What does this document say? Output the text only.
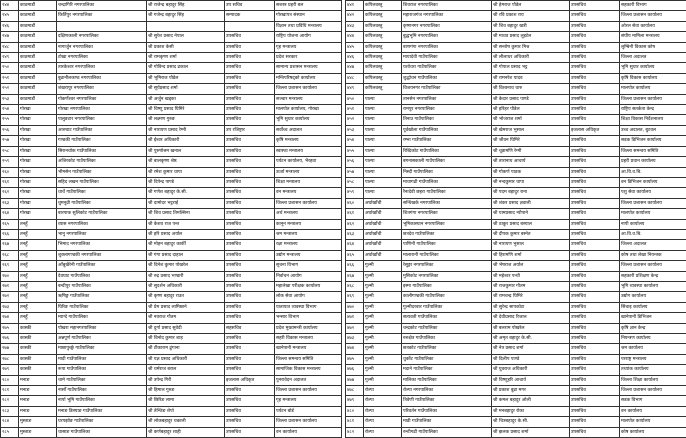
२४४	काठमाडौं	चन्द्रागिरि नगरपालिका	श्री राजेन्द्र बहादुर सिंह	उप सचिव	सशस्त्र प्रहरी बल
२४५	काठमाडौं	किर्तिपुर नगरपालिका	श्री गजेन्द्र बहादुर सिंह	सम्पादक	गोरखापत्र संस्थान
२४६	काठमाडौं				विज्ञान तथा प्रविधि मन्त्रालय
२४७	काठमाडौं	दक्षिणकाली नगरपालिका	श्री सुरेश प्रसाद नेपाल	उपसचिव	राष्ट्रिय योजना आयोग
२४८	काठमाडौं	नागार्जुन नगरपालिका	श्री प्रकाश केसी	उपसचिव	गृह मन्त्रालय
२४९	काठमाडौं	टोखा नगरपालिका	श्री रामकृष्ण शर्मा	उपसचिव	प्रदेश सरकार
२५०	काठमाडौं	तारकेश्वर नगरपालिका	श्री गोविन्द प्रसाद ढकाल	उपसचिव	सामान्य प्रशासन मन्त्रालय
२५१	काठमाडौं	बुढानीलकण्ठ नगरपालिका	श्री भूमिराज पौडेल	उपसचिव	मन्त्रिपरिषद्को कार्यालय
२५२	काठमाडौं	शंखरापुर नगरपालिका	श्री सूर्यप्रसाद शर्मा	उपसचिव	जिल्ला प्रशासन कार्यालय
२५३	काठमाडौं	गोकर्णेश्वर नगरपालिका	श्री अर्जुन खड्का	उपसचिव	सञ्चार मन्त्रालय
२५४	गोरखा	गोरखा नगरपालिका	श्री विष्णु प्रसाद घिमिरे	उपसचिव	मालपोत कार्यालय, गोरखा
२५५	गोरखा	पालुङटार नगरपालिका	श्री लक्ष्मण गुरुङ	उपसचिव	भूमि सुधार कार्यालय
२५६	गोरखा	आरुघाट गाउँपालिका	श्री नारायण प्रसाद रेग्मी	उप रजिष्ट्रार	सर्वोच्च अदालत
२५७	गोरखा	गण्डकी गाउँपालिका	श्री ईश्वर अधिकारी	उपसचिव	कृषि मन्त्रालय
२५८	गोरखा	सिरानचोक गाउँपालिका	श्री पुरुषोत्तम खनाल	उपसचिव	स्वास्थ्य मन्त्रालय
२५९	गोरखा	अजिरकोट गाउँपालिका	श्री बालकृष्ण श्रेष्ठ	उपसचिव	पर्यटन कार्यालय, भैरहवा
२६०	गोरखा	भीमसेन गाउँपालिका	श्री रमेश कुमार थापा	उपसचिव	ऊर्जा मन्त्रालय
२६१	गोरखा	सहिद लखन गाउँपालिका	श्री दिपेन्द्र पाण्डे	उपसचिव	शिक्षा मन्त्रालय
२६२	गोरखा	धार्चे गाउँपालिका	श्री गणेश बहादुर के.सी.	उपसचिव	वन मन्त्रालय
२६३	गोरखा	चुमनुव्री गाउँपालिका	श्री दामोदर भट्टराई	उपसचिव	जिल्ला प्रशासन कार्यालय
२६४	गोरखा	बारपाक सुलिकोट गाउँपालिका	श्री शिव प्रसाद तिमल्सिना	उपसचिव	अर्थ मन्त्रालय
२६५	तनहुँ	व्यास नगरपालिका	श्री केशव राज पन्त	उपसचिव	कानून मन्त्रालय
२६६	तनहुँ	भानु नगरपालिका	श्री हरि प्रसाद अर्याल	उपसचिव	श्रम मन्त्रालय
२६७	तनहुँ	भिमाद नगरपालिका	श्री मोहन बहादुर कार्की	उपसचिव	रक्षा मन्त्रालय
२६८	तनहुँ	शुक्लागण्डकी नगरपालिका	श्री गंगा प्रसाद दाहाल	उपसचिव	उद्योग मन्त्रालय
२६९	तनहुँ	आँबुखैरेनी गाउँपालिका	श्री दिनेश कुमार पोखरेल	उपसचिव	सूचना विभाग
२७०	तनहुँ	देवघाट गाउँपालिका	श्री रुद्र प्रसाद भण्डारी	उपसचिव	निर्वाचन आयोग
२७१	तनहुँ	बन्दीपुर गाउँपालिका	श्री सुदर्शन अधिकारी	उपसचिव	महालेखा परीक्षक कार्यालय
२७२	तनहुँ	ऋषिङ्ग गाउँपालिका	श्री कृष्ण बहादुर राउत	उपसचिव	लोक सेवा आयोग
२७३	तनहुँ	घिरिङ गाउँपालिका	श्री प्रेम प्रसाद लामिछाने	उपसचिव	यातायात व्यवस्था विभाग
२७४	तनहुँ	म्याग्दे गाउँपालिका	श्री नवराज गौतम	उपसचिव	भन्सार विभाग
२७५	कास्की	पोखरा महानगरपालिका	श्री दुर्गा प्रसाद सुवेदी	सहसचिव	प्रदेश मुख्यमन्त्री कार्यालय
२७६	कास्की	अन्नपूर्ण गाउँपालिका	श्री विनोद कुमार शाह	उपसचिव	सहरी विकास मन्त्रालय
२७७	कास्की	माछापुच्छ्रे गाउँपालिका	श्री टीकाराम ढुंगाना	उपसचिव	खानेपानी मन्त्रालय
२७८	कास्की	मादी गाउँपालिका	श्री यज्ञ प्रसाद अधिकारी	उपसचिव	जिल्ला समन्वय समिति
२७९	कास्की	रूपा गाउँपालिका	श्री धर्मराज बराल	उपसचिव	सामाजिक विकास मन्त्रालय
२८०	मनाङ	चामे गाउँपालिका	श्री उपेन्द्र गिरी	इजलास अधिकृत	पुनरावेदन अदालत
२८१	मनाङ	नासोँ गाउँपालिका	श्री हिमाल गुरुङ	उपसचिव	जिल्ला प्रशासन कार्यालय
२८२	मनाङ	नार्पा भूमि गाउँपालिका	श्री छिरिङ लामा	उपसचिव	गृह मन्त्रालय
२८३	मनाङ	मनाङ ङिस्याङ गाउँपालिका	श्री तेन्जिङ शेर्पा	उपसचिव	पर्यटन बोर्ड
२८४	मुस्ताङ	घरपझोङ गाउँपालिका	श्री लोकबहादुर थकाली	उपसचिव	जिल्ला प्रशासन कार्यालय
२८५	मुस्ताङ	थासाङ गाउँपालिका	श्री कर्णबहादुर शाही	उपसचिव	वन कार्यालय
४४१	कपिलवस्तु	शिवराज नगरपालिका	श्री हेमराज पौडेल	उपसचिव	सहकारी विभाग
४४२	कपिलवस्तु	महाराजगंज नगरपालिका	श्री रवि प्रकाश राय	उपसचिव	जिल्ला प्रशासन कार्यालय
४४३	कपिलवस्तु	कृष्णनगर नगरपालिका	श्री शिव बहादुर खत्री	उपसचिव	ओरल सेवा कार्यालय
४४४	कपिलवस्तु	बुद्धभूमि नगरपालिका	श्री माधव प्रसाद लुइटेल	उपसचिव	संघीय मामिला मन्त्रालय
४४५	कपिलवस्तु	बाणगंगा नगरपालिका	श्री सन्तोष कुमार मिश्र	उपसचिव	लुम्बिनी विकास कोष
४४६	कपिलवस्तु	मायादेवी गाउँपालिका	श्री लीलाधर अधिकारी	उपसचिव	जिल्ला अदालत
४४७	कपिलवस्तु	यशोधरा गाउँपालिका	श्री गोपाल प्रसाद भट्ट	उपसचिव	भूमि सुधार कार्यालय
४४८	कपिलवस्तु	शुद्धोधन गाउँपालिका	श्री रामनरेश यादव	उपसचिव	कृषि विकास कार्यालय
४४९	कपिलवस्तु	विजयनगर गाउँपालिका	श्री विश्वनाथ थारु	उपसचिव	मालपोत कार्यालय
४५०	पाल्पा	तानसेन नगरपालिका	श्री केदार प्रसाद पाण्डे	उपसचिव	जिल्ला प्रशासन कार्यालय
४५१	पाल्पा	रामपुर नगरपालिका	श्री हरिहर पौडेल	उपसचिव	राष्ट्रिय सतर्कता केन्द्र
४५२	पाल्पा	तिनाउ गाउँपालिका	श्री भोजराज शर्मा	उपसचिव	शिक्षा विकास निर्देशनालय
४५३	पाल्पा	पूर्वखोला गाउँपालिका	श्री खेमराज भुसाल	इजलास अधिकृत	उच्च अदालत, बुटवल
४५४	पाल्पा	रम्भा गाउँपालिका	श्री जीवन घिमिरे	उपसचिव	सडक डिभिजन कार्यालय
४५५	पाल्पा	रिब्दिकोट गाउँपालिका	श्री चूडामणि रेग्मी	उपसचिव	जिल्ला समन्वय समिति
४५६	पाल्पा	बगनासकाली गाउँपालिका	श्री तारानाथ आचार्य	उपसचिव	प्रहरी प्रधान कार्यालय
४५७	पाल्पा	निस्दी गाउँपालिका	श्री गोकर्ण पाठक	उपसचिव	आ.वि.व.बि.
४५८	पाल्पा	माथागढी गाउँपालिका	श्री नन्दकुमार थापा	उपसचिव	वन डिभिजन कार्यालय
४५९	पाल्पा	रैनादेवी छहरा गाउँपालिका	श्री पदम बहादुर राना	उपसचिव	पशु सेवा कार्यालय
४६०	अर्घाखाँची	सन्धिखर्क नगरपालिका	श्री शंकर प्रसाद ज्ञवाली	उपसचिव	जिल्ला प्रशासन कार्यालय
४६१	अर्घाखाँची	शितगंगा नगरपालिका	श्री यामप्रसाद न्यौपाने	उपसचिव	मालपोत कार्यालय
४६२	अर्घाखाँची	भूमिकास्थान नगरपालिका	श्री ठाकुर प्रसाद बस्याल	उपसचिव	नापी कार्यालय
४६३	अर्घाखाँची	छत्रदेव गाउँपालिका	श्री दीपक कुमार बस्नेत	उपसचिव	आ.वि.व.बि.
४६४	अर्घाखाँची	पाणिनी गाउँपालिका	श्री नारायण भुसाल	उपसचिव	जिल्ला अदालत
४६५	अर्घाखाँची	मालारानी गाउँपालिका	श्री हिरामणि शर्मा	उपसचिव	कोष तथा लेखा नियन्त्रक
४६६	गुल्मी	रेसुङ्गा नगरपालिका	श्री भेषराज अर्याल	उपसचिव	जिल्ला प्रशासन कार्यालय
४६७	गुल्मी	मुसिकोट नगरपालिका	श्री महेश्वर पन्थी	उपसचिव	सहकारी प्रशिक्षण केन्द्र
४६८	गुल्मी	इस्मा गाउँपालिका	श्री राजकुमार गौतम	उपसचिव	भूमि व्यवस्था कार्यालय
४६९	गुल्मी	कालीगण्डकी गाउँपालिका	श्री रामचन्द्र घिमिरे	उपसचिव	उद्योग कार्यालय
४७०	गुल्मी	गुल्मीदरबार गाउँपालिका	श्री सुरेन्द्र सापकोटा	उपसचिव	सिंचाइ कार्यालय
४७१	गुल्मी	सत्यवती गाउँपालिका	श्री देवीप्रसाद रिजाल	उपसचिव	खानेपानी डिभिजन
४७२	गुल्मी	चन्द्रकोट गाउँपालिका	श्री बलराम पोखरेल	उपसचिव	कृषि ज्ञान केन्द्र
४७३	गुल्मी	रुरुक्षेत्र गाउँपालिका	श्री अमृत बहादुर के.सी.	उपसचिव	नियन्त्रण कार्यालय
४७४	गुल्मी	छत्रकोट गाउँपालिका	श्री नेत्र प्रसाद शर्मा	उपसचिव	श्रम कार्यालय
४७५	गुल्मी	धुर्कोट गाउँपालिका	श्री दिलीप पाण्डे	उपसचिव	परराष्ट्र मन्त्रालय
४७६	गुल्मी	मदाने गाउँपालिका	श्री युवराज अधिकारी	उपसचिव	तथ्यांक कार्यालय
४७७	गुल्मी	मालिका गाउँपालिका	श्री विष्णुहरि आचार्य	उपसचिव	जिल्ला शिक्षा कार्यालय
४७८	रोल्पा	रोल्पा नगरपालिका	श्री प्रकाश बुढा मगर	उपसचिव	जिल्ला प्रशासन कार्यालय
४७९	रोल्पा	त्रिवेणी गाउँपालिका	श्री कमल बहादुर ओली	उपसचिव	सडक विभाग
४८०	रोल्पा	परिवर्तन गाउँपालिका	श्री मनबहादुर रोका	उपसचिव	वन कार्यालय
४८१	रोल्पा	माडी गाउँपालिका	श्री चित्रबहादुर के.सी.	उपसचिव	मालपोत कार्यालय
४८२	रोल्पा	रुन्टीगढी गाउँपालिका	श्री झलक प्रसाद शर्मा	उपसचिव	कोष कार्यालय
